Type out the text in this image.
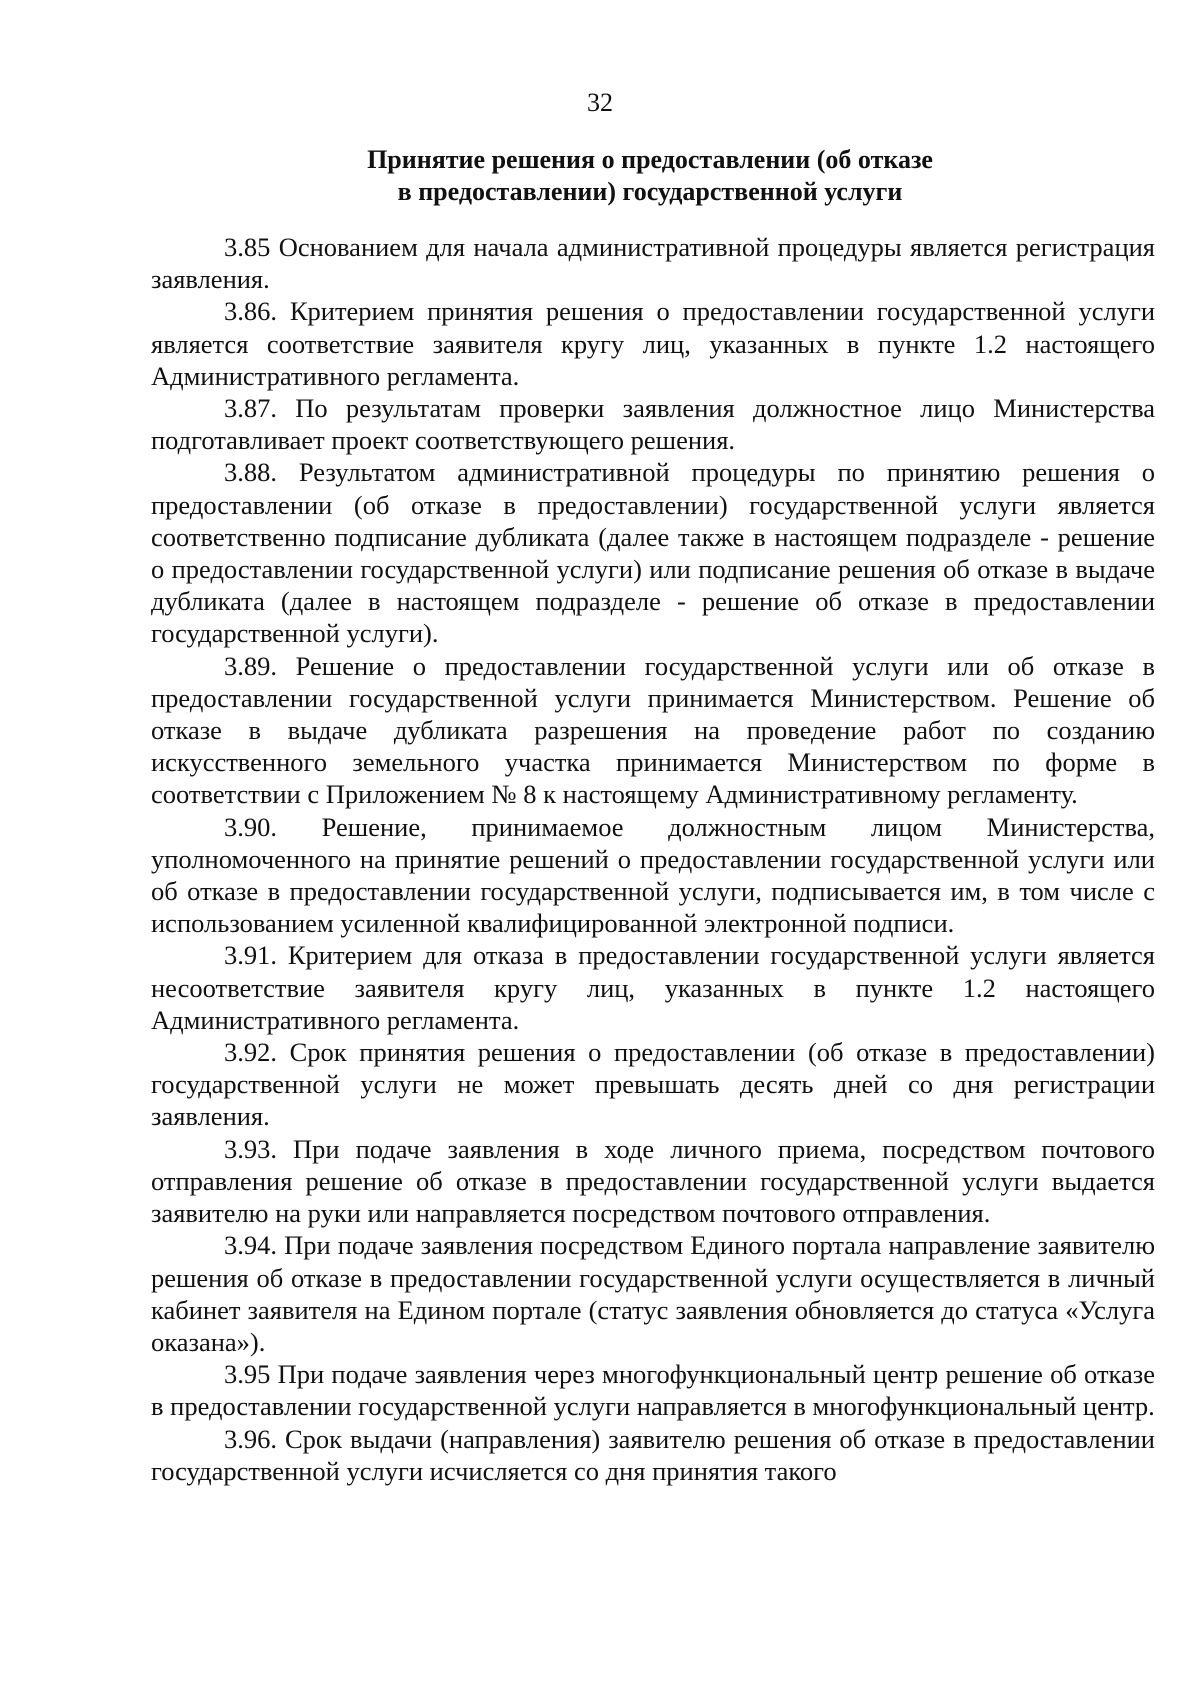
32
Принятие решения о предоставлении (об отказе
в предоставлении) государственной услуги

3.85 Основанием для начала административной процедуры является регистрация заявления.

3.86. Критерием принятия решения о предоставлении государственной услуги является соответствие заявителя кругу лиц, указанных в пункте 1.2 настоящего Административного регламента.

3.87. По результатам проверки заявления должностное лицо Министерства подготавливает проект соответствующего решения.

3.88. Результатом административной процедуры по принятию решения о предоставлении (об отказе в предоставлении) государственной услуги является соответственно подписание дубликата (далее также в настоящем подразделе - решение о предоставлении государственной услуги) или подписание решения об отказе в выдаче дубликата (далее в настоящем подразделе - решение об отказе в предоставлении государственной услуги).

3.89. Решение о предоставлении государственной услуги или об отказе в предоставлении государственной услуги принимается Министерством. Решение об отказе в выдаче дубликата разрешения на проведение работ по созданию искусственного земельного участка принимается Министерством по форме в соответствии с Приложением № 8 к настоящему Административному регламенту.

3.90. Решение, принимаемое должностным лицом Министерства, уполномоченного на принятие решений о предоставлении государственной услуги или об отказе в предоставлении государственной услуги, подписывается им, в том числе с использованием усиленной квалифицированной электронной подписи.

3.91. Критерием для отказа в предоставлении государственной услуги является несоответствие заявителя кругу лиц, указанных в пункте 1.2 настоящего Административного регламента.

3.92. Срок принятия решения о предоставлении (об отказе в предоставлении) государственной услуги не может превышать десять дней со дня регистрации заявления.

3.93. При подаче заявления в ходе личного приема, посредством почтового отправления решение об отказе в предоставлении государственной услуги выдается заявителю на руки или направляется посредством почтового отправления.

3.94. При подаче заявления посредством Единого портала направление заявителю решения об отказе в предоставлении государственной услуги осуществляется в личный кабинет заявителя на Едином портале (статус заявления обновляется до статуса «Услуга оказана»).

3.95 При подаче заявления через многофункциональный центр решение об отказе в предоставлении государственной услуги направляется в многофункциональный центр.

3.96. Срок выдачи (направления) заявителю решения об отказе в предоставлении государственной услуги исчисляется со дня принятия такого
